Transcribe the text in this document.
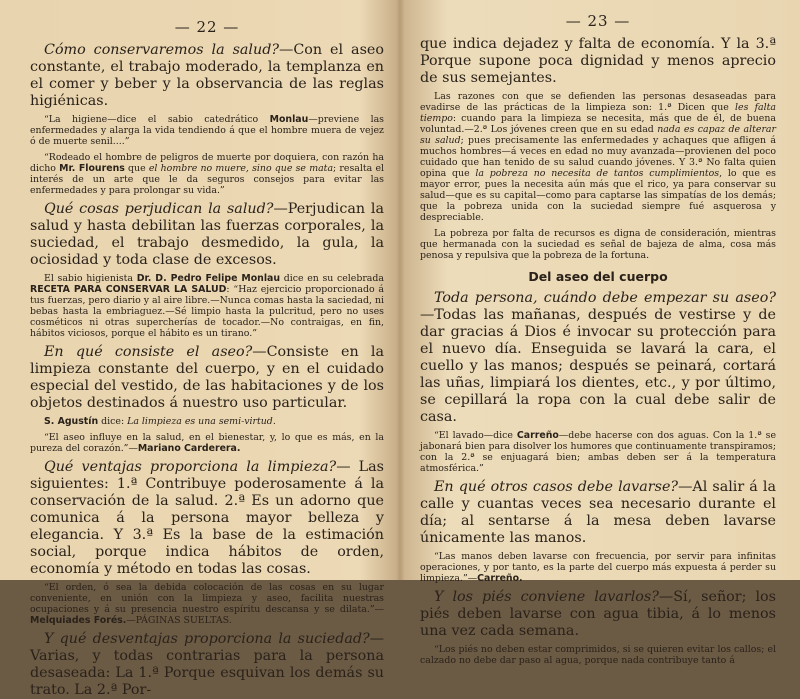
— 22 —

Cómo conservaremos la salud?—Con el aseo constante, el trabajo moderado, la templanza en el comer y beber y la observancia de las reglas higiénicas.

“La higiene—dice el sabio catedrático Monlau—previene las enfermedades y alarga la vida tendiendo á que el hombre muera de vejez ó de muerte senil....”

“Rodeado el hombre de peligros de muerte por doquiera, con razón ha dicho Mr. Flourens que el hombre no muere, sino que se mata; resalta el interés de un arte que le da seguros consejos para evitar las enfermedades y para prolongar su vida.”

Qué cosas perjudican la salud?—Perjudican la salud y hasta debilitan las fuerzas corporales, la suciedad, el trabajo desmedido, la gula, la ociosidad y toda clase de excesos.

El sabio higienista Dr. D. Pedro Felipe Monlau dice en su celebrada RECETA PARA CONSERVAR LA SALUD: “Haz ejercicio proporcionado á tus fuerzas, pero diario y al aire libre.—Nunca comas hasta la saciedad, ni bebas hasta la embriaguez.—Sé limpio hasta la pulcritud, pero no uses cosméticos ni otras supercherías de tocador.—No contraigas, en fin, hábitos viciosos, porque el hábito es un tirano.”

En qué consiste el aseo?—Consiste en la limpieza constante del cuerpo, y en el cuidado especial del vestido, de las habitaciones y de los objetos destinados á nuestro uso particular.

S. Agustín dice: La limpieza es una semi-virtud.

“El aseo influye en la salud, en el bienestar, y, lo que es más, en la pureza del corazón.”—Mariano Carderera.

Qué ventajas proporciona la limpieza?— Las siguientes: 1.ª Contribuye poderosamente á la conservación de la salud. 2.ª Es un adorno que comunica á la persona mayor belleza y elegancia. Y 3.ª Es la base de la estimación social, porque indica hábitos de orden, economía y método en todas las cosas.

“El orden, ó sea la debida colocación de las cosas en su lugar conveniente, en unión con la limpieza y aseo, facilita nuestras ocupaciones y á su presencia nuestro espíritu descansa y se dilata.”—Melquiades Forés.—PÁGINAS SUELTAS.

Y qué desventajas proporciona la suciedad?—Varias, y todas contrarias para la persona desaseada: La 1.ª Porque esquivan los demás su trato. La 2.ª Por-

— 23 —

que indica dejadez y falta de economía. Y la 3.ª Porque supone poca dignidad y menos aprecio de sus semejantes.

Las razones con que se defienden las personas desaseadas para evadirse de las prácticas de la limpieza son: 1.ª Dicen que les falta tiempo: cuando para la limpieza se necesita, más que de él, de buena voluntad.—2.ª Los jóvenes creen que en su edad nada es capaz de alterar su salud; pues precisamente las enfermedades y achaques que afligen á muchos hombres—á veces en edad no muy avanzada—provienen del poco cuidado que han tenido de su salud cuando jóvenes. Y 3.ª No falta quien opina que la pobreza no necesita de tantos cumplimientos, lo que es mayor error, pues la necesita aún más que el rico, ya para conservar su salud—que es su capital—como para captarse las simpatías de los demás; que la pobreza unida con la suciedad siempre fué asquerosa y despreciable.

La pobreza por falta de recursos es digna de consideración, mientras que hermanada con la suciedad es señal de bajeza de alma, cosa más penosa y repulsiva que la pobreza de la fortuna.

Del aseo del cuerpo

Toda persona, cuándo debe empezar su aseo?—Todas las mañanas, después de vestirse y de dar gracias á Dios é invocar su protección para el nuevo día. Enseguida se lavará la cara, el cuello y las manos; después se peinará, cortará las uñas, limpiará los dientes, etc., y por último, se cepillará la ropa con la cual debe salir de casa.

“El lavado—dice Carreño—debe hacerse con dos aguas. Con la 1.ª se jabonará bien para disolver los humores que continuamente transpiramos; con la 2.ª se enjuagará bien; ambas deben ser á la temperatura atmosférica.”

En qué otros casos debe lavarse?—Al salir á la calle y cuantas veces sea necesario durante el día; al sentarse á la mesa deben lavarse únicamente las manos.

“Las manos deben lavarse con frecuencia, por servir para infinitas operaciones, y por tanto, es la parte del cuerpo más expuesta á perder su limpieza.”—Carreño.

Y los piés conviene lavarlos?—Sí, señor; los piés deben lavarse con agua tibia, á lo menos una vez cada semana.

“Los piés no deben estar comprimidos, si se quieren evitar los callos; el calzado no debe dar paso al agua, porque nada contribuye tanto á
